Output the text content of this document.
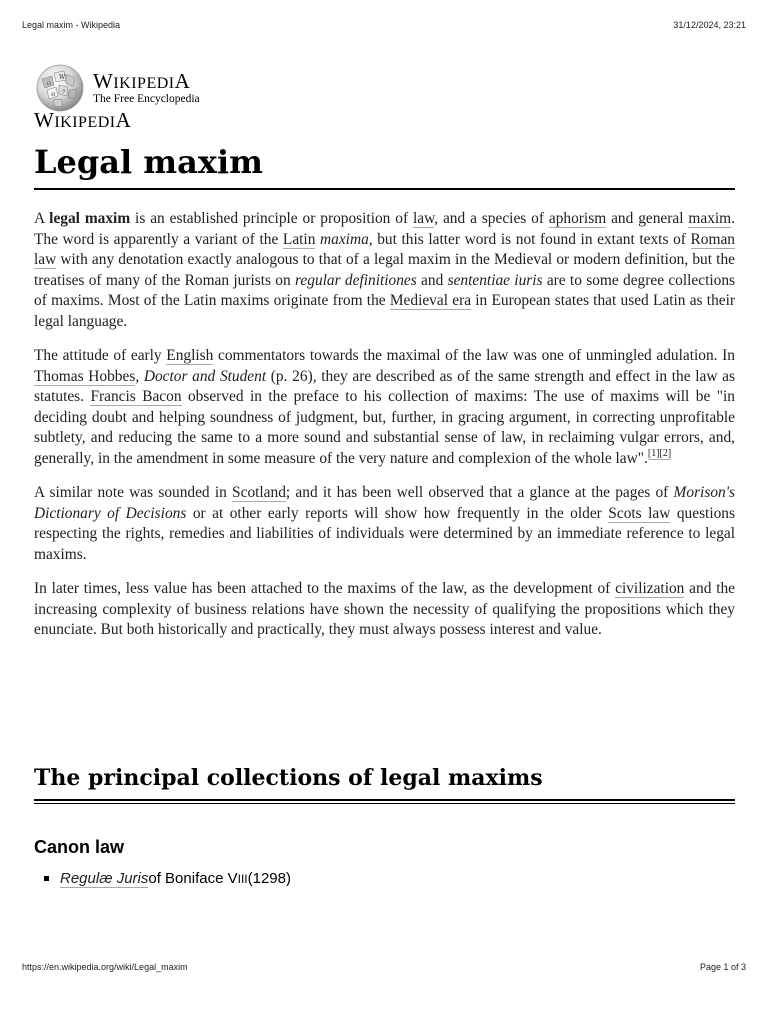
Legal maxim - Wikipedia	31/12/2024, 23:21
Ω
W
И ウ WIKIPEDIA
The Free Encyclopedia
WIKIPEDIA
Legal maxim

A legal maxim is an established principle or proposition of law, and a species of aphorism and general maxim. The word is apparently a variant of the Latin maxima, but this latter word is not found in extant texts of Roman law with any denotation exactly analogous to that of a legal maxim in the Medieval or modern definition, but the treatises of many of the Roman jurists on regular definitiones and sententiae iuris are to some degree collections of maxims. Most of the Latin maxims originate from the Medieval era in European states that used Latin as their legal language.

The attitude of early English commentators towards the maximal of the law was one of unmingled adulation. In Thomas Hobbes, Doctor and Student (p. 26), they are described as of the same strength and effect in the law as statutes. Francis Bacon observed in the preface to his collection of maxims: The use of maxims will be "in deciding doubt and helping soundness of judgment, but, further, in gracing argument, in correcting unprofitable subtlety, and reducing the same to a more sound and substantial sense of law, in reclaiming vulgar errors, and, generally, in the amendment in some measure of the very nature and complexion of the whole law".[1][2]

A similar note was sounded in Scotland; and it has been well observed that a glance at the pages of Morison's Dictionary of Decisions or at other early reports will show how frequently in the older Scots law questions respecting the rights, remedies and liabilities of individuals were determined by an immediate reference to legal maxims.

In later times, less value has been attached to the maxims of the law, as the development of civilization and the increasing complexity of business relations have shown the necessity of qualifying the propositions which they enunciate. But both historically and practically, they must always possess interest and value.

The principal collections of legal maxims
Canon law
Regulæ Juris of Boniface V III (1298)
https://en.wikipedia.org/wiki/Legal_maxim	Page 1 of 3
